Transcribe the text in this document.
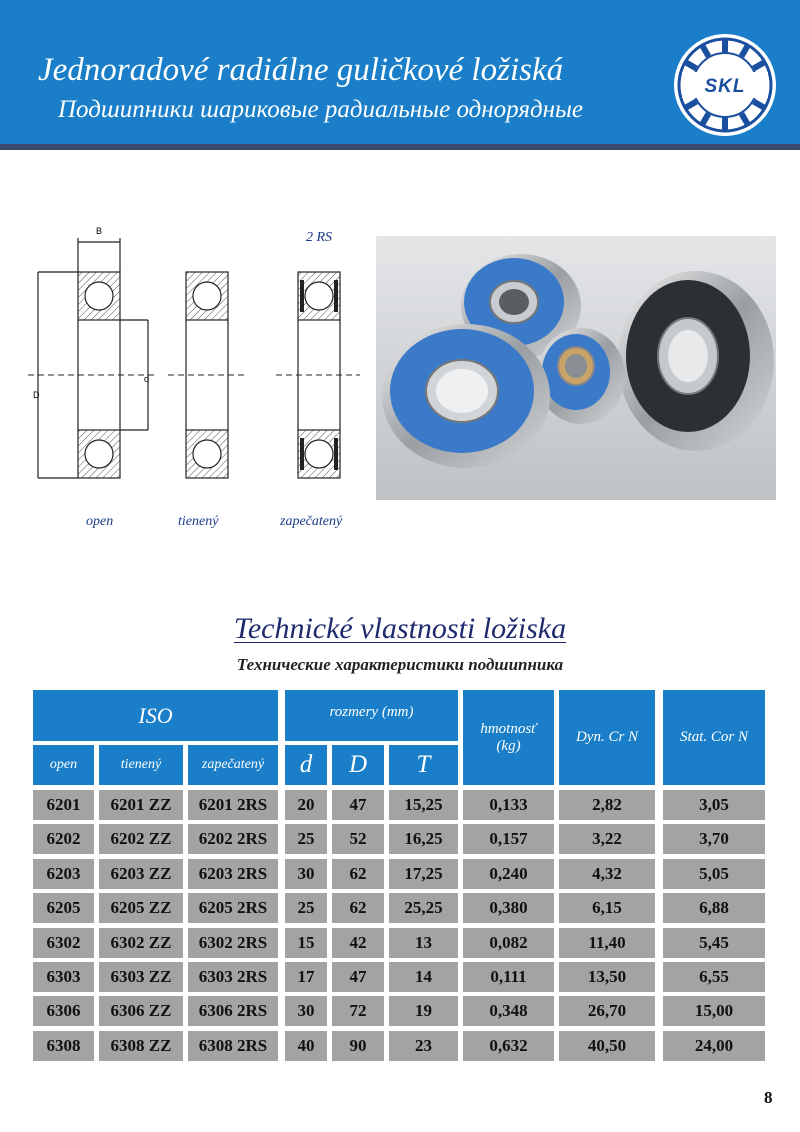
Jednoradové radiálne guličkové ložiská
Подшипники шариковые радиальные однорядные
SKL
B
D
d
2 RS
open	tienený	zapečatený
Technické vlastnosti ložiska
Технические характеристики подшипника
ISO	rozmery (mm)
hmotnosť
(kg)
Dyn. Cr N	Stat. Cor N
open	tienený	zapečatený	d	D	T
6201	6201 ZZ	6201 2RS	20	47	15,25	0,133	2,82	3,05
6202	6202 ZZ	6202 2RS	25	52	16,25	0,157	3,22	3,70
6203	6203 ZZ	6203 2RS	30	62	17,25	0,240	4,32	5,05
6205	6205 ZZ	6205 2RS	25	62	25,25	0,380	6,15	6,88
6302	6302 ZZ	6302 2RS	15	42	13	0,082	11,40	5,45
6303	6303 ZZ	6303 2RS	17	47	14	0,111	13,50	6,55
6306	6306 ZZ	6306 2RS	30	72	19	0,348	26,70	15,00
6308	6308 ZZ	6308 2RS	40	90	23	0,632	40,50	24,00
8
